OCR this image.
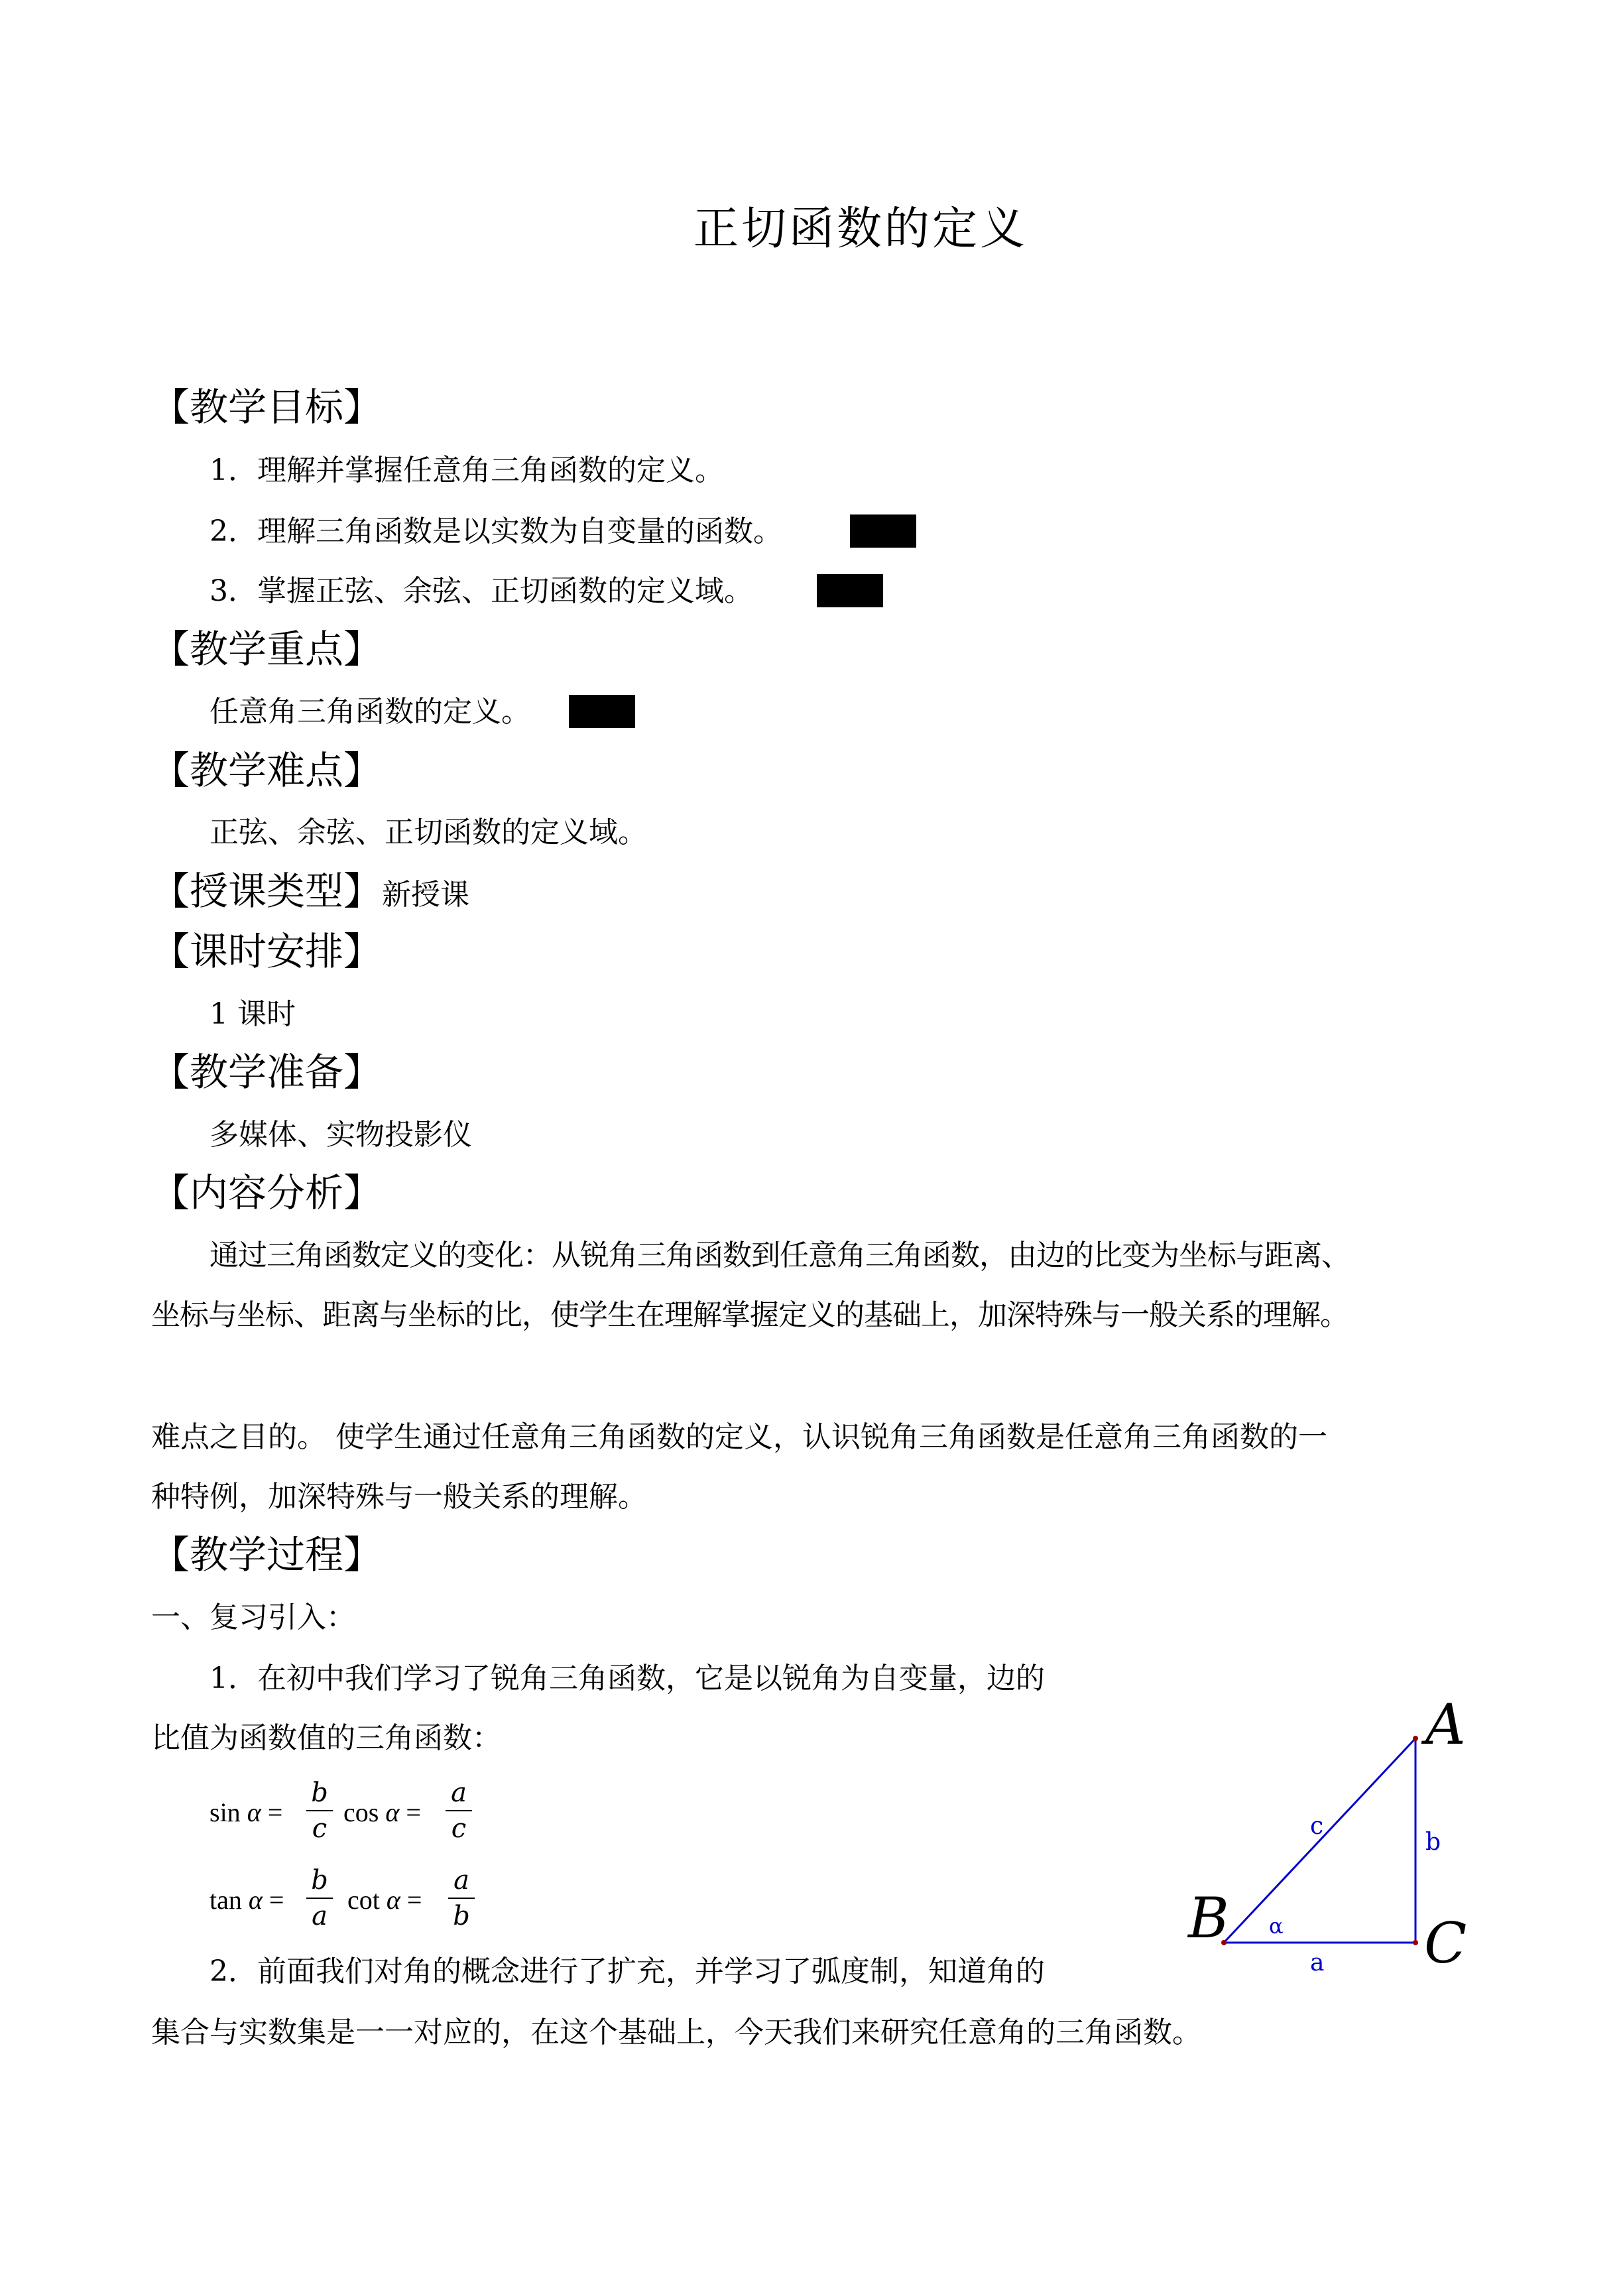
正切函数的定义
【教学目标】
1．理解并掌握任意角三角函数的定义。
2．理解三角函数是以实数为自变量的函数。
3．掌握正弦、余弦、正切函数的定义域。
【教学重点】
任意角三角函数的定义。
【教学难点】
正弦、余弦、正切函数的定义域。
【授课类型】新授课
【课时安排】
1 课时
【教学准备】
多媒体、实物投影仪
【内容分析】
通过三角函数定义的变化：从锐角三角函数到任意角三角函数，由边的比变为坐标与距离、
坐标与坐标、距离与坐标的比，使学生在理解掌握定义的基础上，加深特殊与一般关系的理解。
难点之目的。 使学生通过任意角三角函数的定义，认识锐角三角函数是任意角三角函数的一
种特例，加深特殊与一般关系的理解。
【教学过程】
一、复习引入：
1．在初中我们学习了锐角三角函数，它是以锐角为自变量，边的
比值为函数值的三角函数：
sin α =
b
c
cos α =
a
c
tan α =
b
a
cot α =
a
b
2．前面我们对角的概念进行了扩充，并学习了弧度制，知道角的
集合与实数集是一一对应的，在这个基础上，今天我们来研究任意角的三角函数。
A
B	C
c
b
a
α
